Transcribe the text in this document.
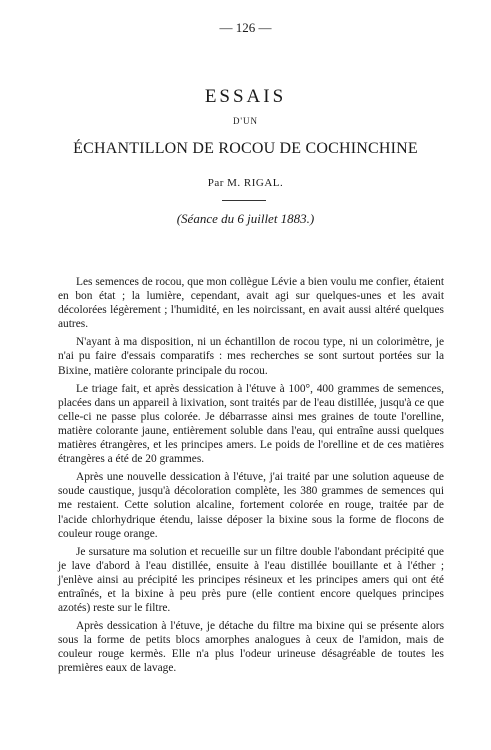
— 126 —
ESSAIS
D'UN
ÉCHANTILLON DE ROCOU DE COCHINCHINE
Par M. RIGAL.
(Séance du 6 juillet 1883.)

Les semences de rocou, que mon collègue Lévie a bien voulu me confier, étaient en bon état ; la lumière, cependant, avait agi sur quelques-unes et les avait décolorées légèrement ; l'humidité, en les noircissant, en avait aussi altéré quelques autres.

N'ayant à ma disposition, ni un échantillon de rocou type, ni un colorimètre, je n'ai pu faire d'essais comparatifs : mes recherches se sont surtout portées sur la Bixine, matière colorante principale du rocou.

Le triage fait, et après dessication à l'étuve à 100°, 400 grammes de semences, placées dans un appareil à lixivation, sont traités par de l'eau distillée, jusqu'à ce que celle-ci ne passe plus colorée. Je débarrasse ainsi mes graines de toute l'orelline, matière colorante jaune, entièrement soluble dans l'eau, qui entraîne aussi quelques matières étrangères, et les principes amers. Le poids de l'orelline et de ces matières étrangères a été de 20 grammes.

Après une nouvelle dessication à l'étuve, j'ai traité par une solution aqueuse de soude caustique, jusqu'à décoloration complète, les 380 grammes de semences qui me restaient. Cette solution alcaline, fortement colorée en rouge, traitée par de l'acide chlorhydrique étendu, laisse déposer la bixine sous la forme de flocons de couleur rouge orange.

Je sursature ma solution et recueille sur un filtre double l'abondant précipité que je lave d'abord à l'eau distillée, ensuite à l'eau distillée bouillante et à l'éther ; j'enlève ainsi au précipité les principes résineux et les principes amers qui ont été entraînés, et la bixine à peu près pure (elle contient encore quelques principes azotés) reste sur le filtre.

Après dessication à l'étuve, je détache du filtre ma bixine qui se présente alors sous la forme de petits blocs amorphes analogues à ceux de l'amidon, mais de couleur rouge kermès. Elle n'a plus l'odeur urineuse désagréable de toutes les premières eaux de lavage.
